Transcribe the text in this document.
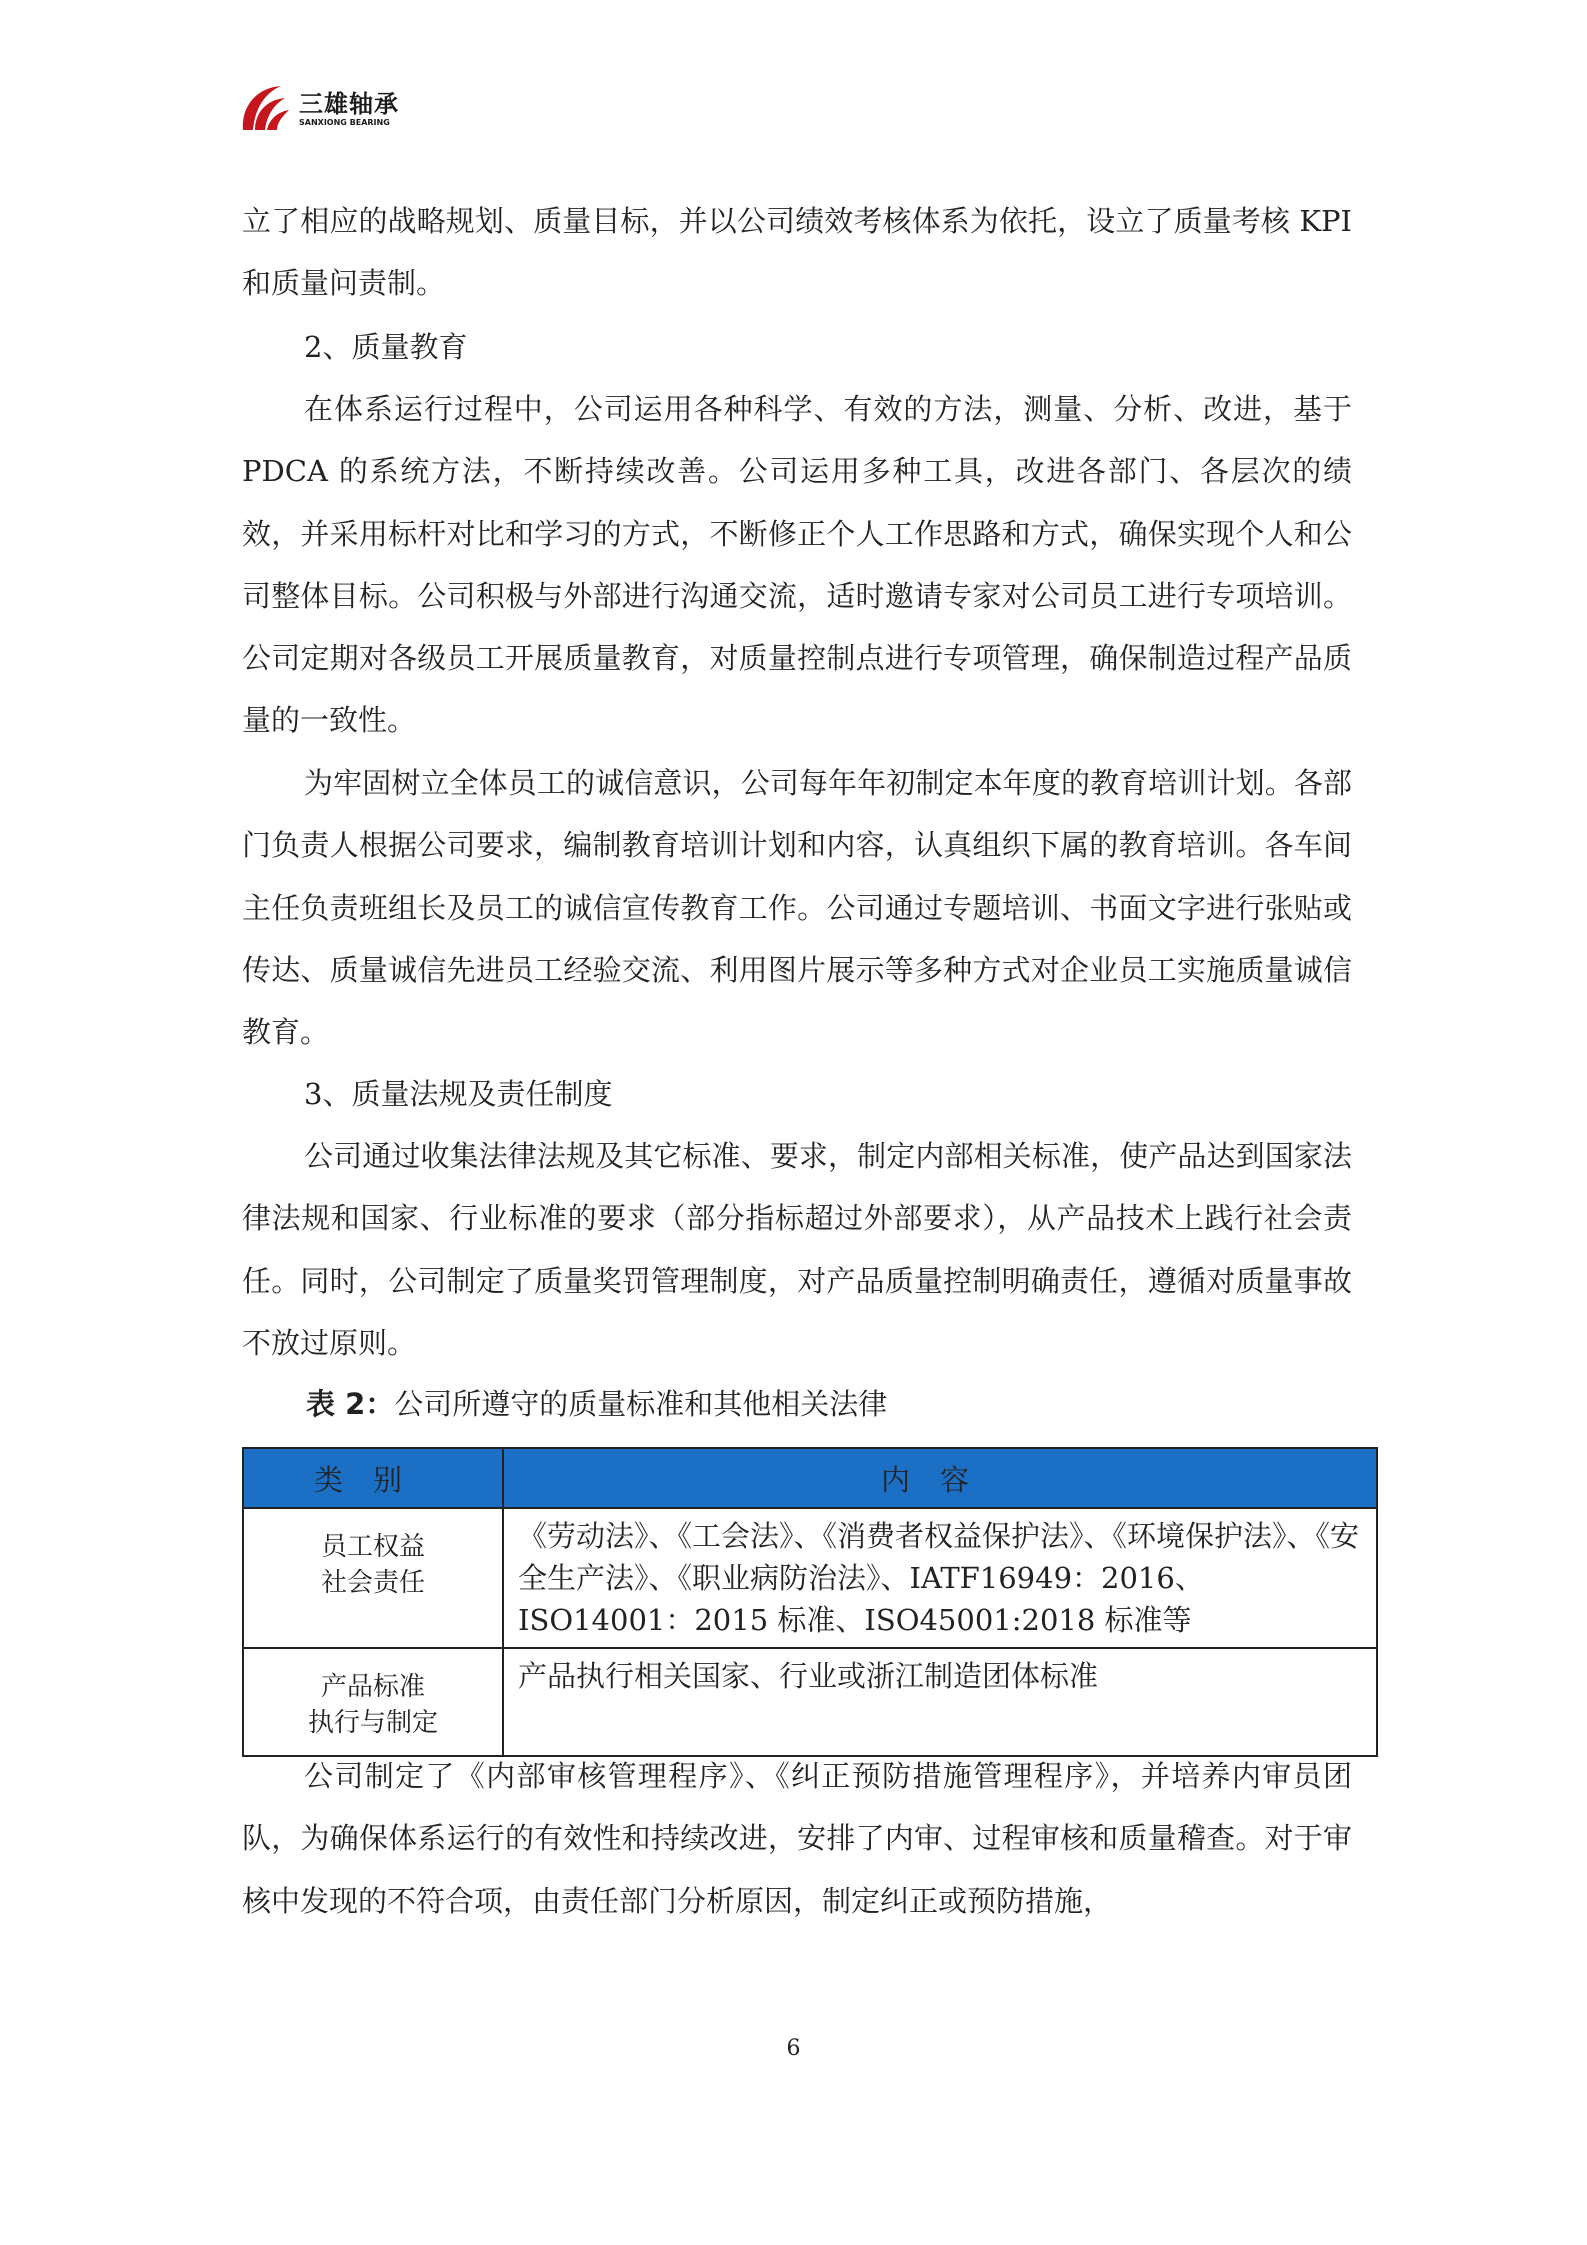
三雄轴承
SANXIONG BEARING

立了相应的战略规划、质量目标，并以公司绩效考核体系为依托，设立了质量考核 KPI 和质量问责制。

2、质量教育

在体系运行过程中，公司运用各种科学、有效的方法，测量、分析、改进，基于 PDCA 的系统方法，不断持续改善。公司运用多种工具，改进各部门、各层次的绩效，并采用标杆对比和学习的方式，不断修正个人工作思路和方式，确保实现个人和公司整体目标。公司积极与外部进行沟通交流，适时邀请专家对公司员工进行专项培训。公司定期对各级员工开展质量教育，对质量控制点进行专项管理，确保制造过程产品质量的一致性。

为牢固树立全体员工的诚信意识，公司每年年初制定本年度的教育培训计划。各部门负责人根据公司要求，编制教育培训计划和内容，认真组织下属的教育培训。各车间主任负责班组长及员工的诚信宣传教育工作。公司通过专题培训、书面文字进行张贴或传达、质量诚信先进员工经验交流、利用图片展示等多种方式对企业员工实施质量诚信教育。

3、质量法规及责任制度

公司通过收集法律法规及其它标准、要求，制定内部相关标准，使产品达到国家法律法规和国家、行业标准的要求（部分指标超过外部要求），从产品技术上践行社会责任。同时，公司制定了质量奖罚管理制度，对产品质量控制明确责任，遵循对质量事故不放过原则。

表 2：公司所遵守的质量标准和其他相关法律

类别	内容

员工权益
社会责任	《劳动法》、《工会法》、《消费者权益保护法》、《环境保护法》、《安全生产法》、《职业病防治法》、IATF16949：2016、ISO14001：2015 标准、ISO45001:2018 标准等

产品标准
执行与制定	产品执行相关国家、行业或浙江制造团体标准

公司制定了《内部审核管理程序》、《纠正预防措施管理程序》，并培养内审员团队，为确保体系运行的有效性和持续改进，安排了内审、过程审核和质量稽查。对于审核中发现的不符合项，由责任部门分析原因，制定纠正或预防措施，

6
